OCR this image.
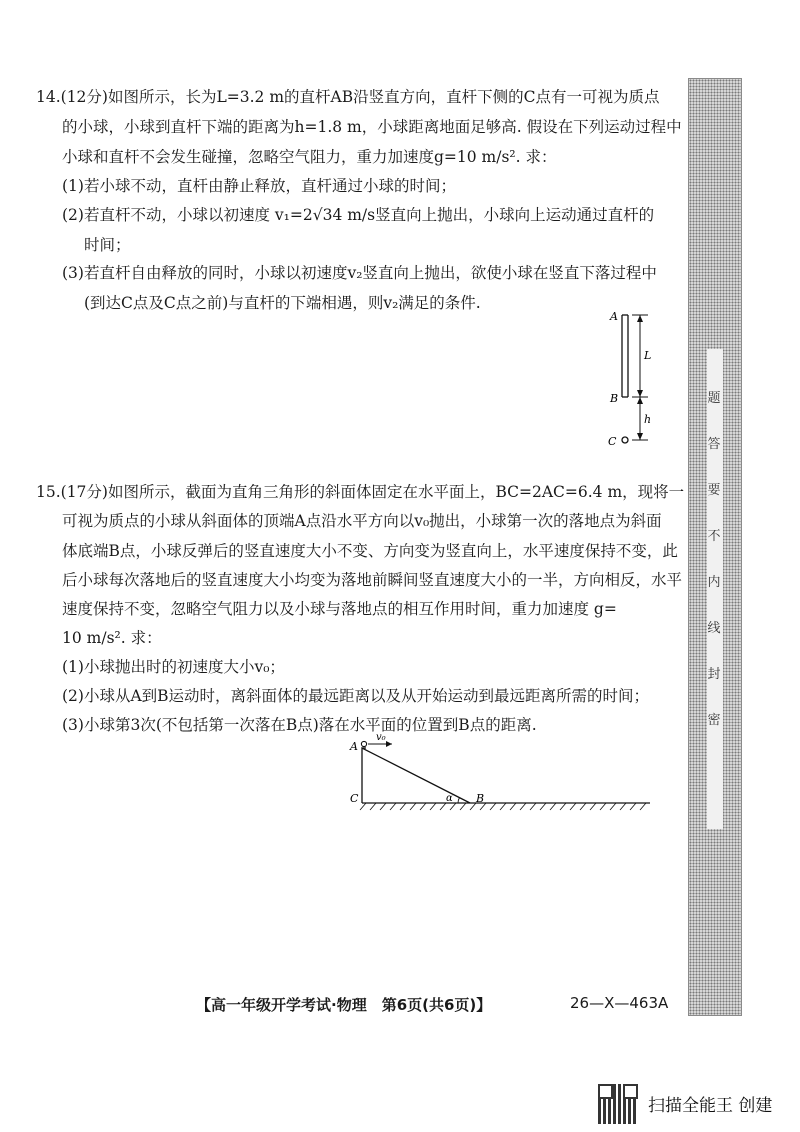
14.(12分)如图所示，长为L=3.2 m的直杆AB沿竖直方向，直杆下侧的C点有一可视为质点
的小球，小球到直杆下端的距离为h=1.8 m，小球距离地面足够高. 假设在下列运动过程中
小球和直杆不会发生碰撞，忽略空气阻力，重力加速度g=10 m/s². 求：
(1)若小球不动，直杆由静止释放，直杆通过小球的时间；
(2)若直杆不动，小球以初速度 v₁=2√34 m/s竖直向上抛出，小球向上运动通过直杆的
时间；
(3)若直杆自由释放的同时，小球以初速度v₂竖直向上抛出，欲使小球在竖直下落过程中
(到达C点及C点之前)与直杆的下端相遇，则v₂满足的条件.
A
B
C
L
h
15.(17分)如图所示，截面为直角三角形的斜面体固定在水平面上，BC=2AC=6.4 m，现将一
可视为质点的小球从斜面体的顶端A点沿水平方向以v₀抛出，小球第一次的落地点为斜面
体底端B点，小球反弹后的竖直速度大小不变、方向变为竖直向上，水平速度保持不变，此
后小球每次落地后的竖直速度大小均变为落地前瞬间竖直速度大小的一半，方向相反，水平
速度保持不变，忽略空气阻力以及小球与落地点的相互作用时间，重力加速度 g=
10 m/s². 求：
(1)小球抛出时的初速度大小v₀；
(2)小球从A到B运动时，离斜面体的最远距离以及从开始运动到最远距离所需的时间；
(3)小球第3次(不包括第一次落在B点)落在水平面的位置到B点的距离.
A
C	B
α
v₀
题
答
要
不
内
线
封
密
【高一年级开学考试·物理　第6页(共6页)】	26—X—463A
扫描全能王 创建
